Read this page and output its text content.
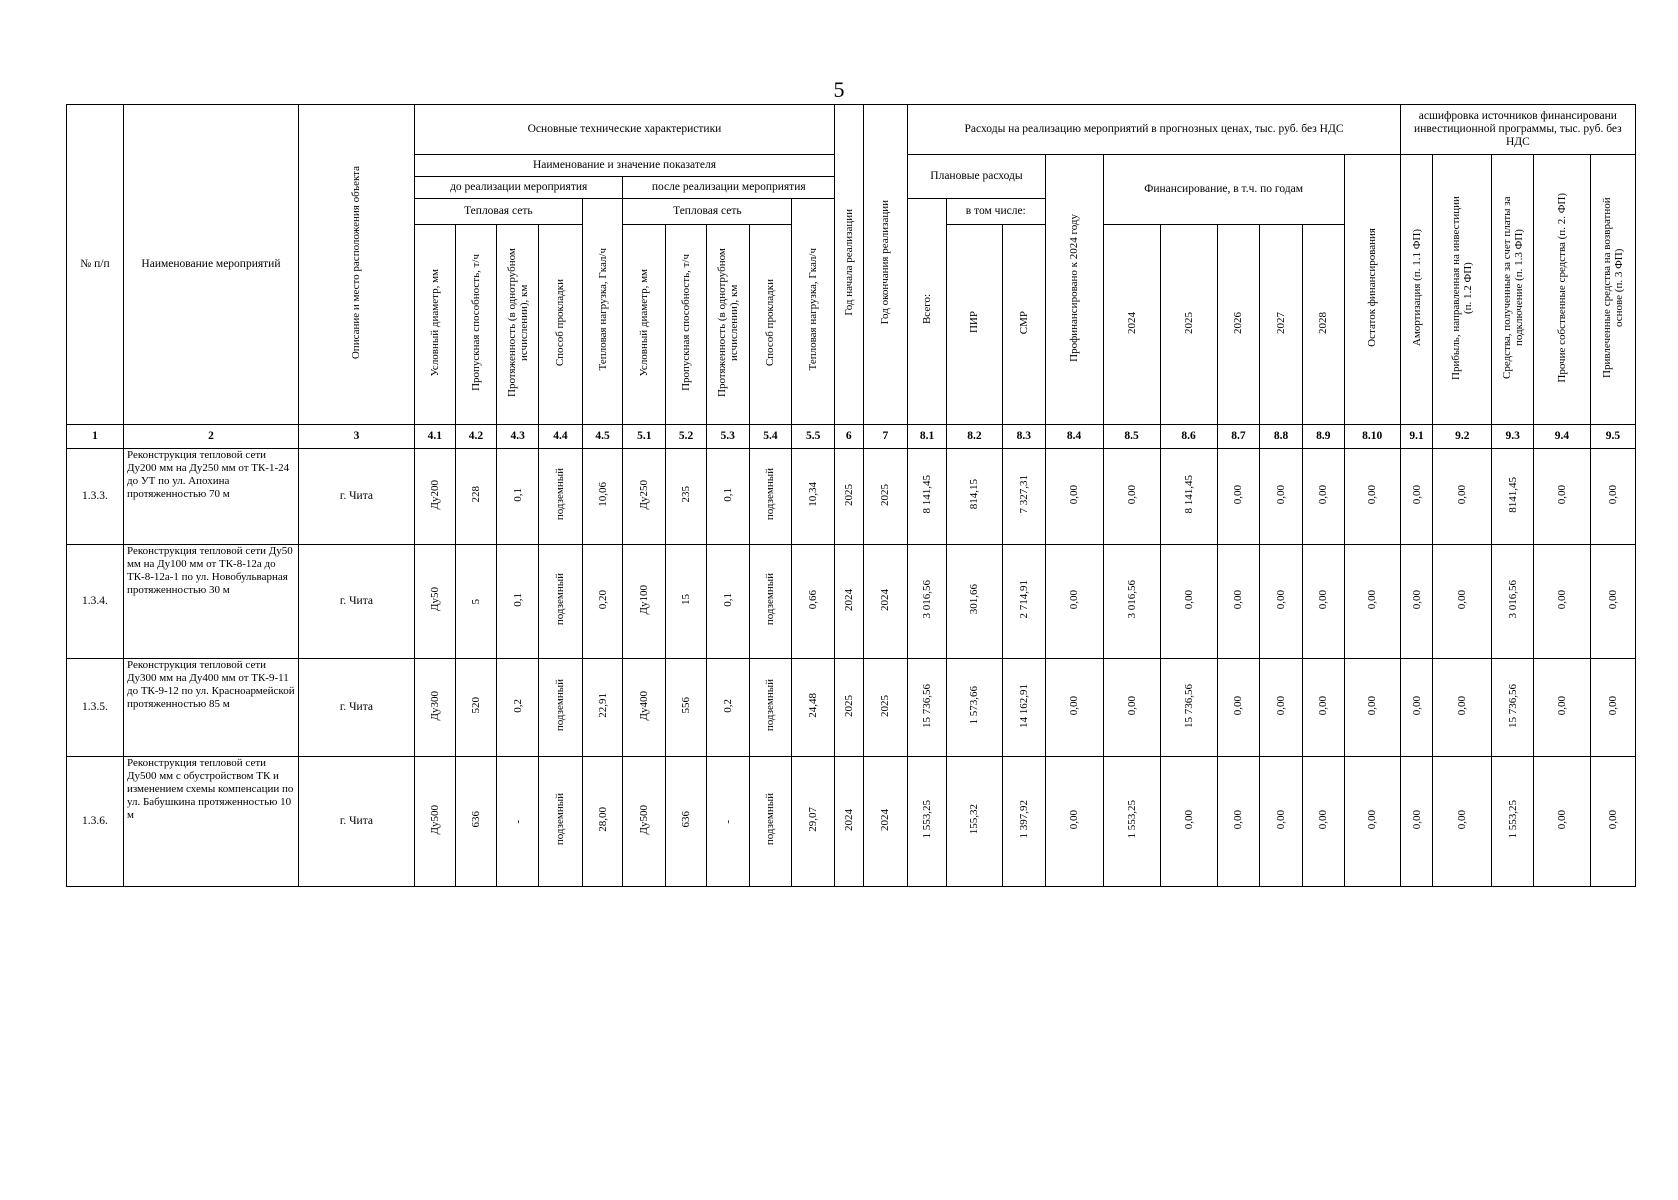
5
№ п/п	Наименование мероприятий	Описание и место расположения объекта	Основные технические характеристики										Год начала реализации	Год окончания реализации	Расходы на реализацию мероприятий в прогнозных ценах, тыс. руб. без НДС										асшифровка источников финансировани инвестиционной программы, тыс. руб. без НДС				
			Наименование и значение показателя												Плановые расходы			Профинансировано к 2024 году	Финансирование, в т.ч. по годам					Остаток финансирования	Амортизация (п. 1.1 ФП)	Прибыль, направленная на инвестиции (п. 1.2 ФП)	Средства, полученные за счет платы за подключение (п. 1.3 ФП)	Прочие собственные средства (п. 2. ФП)	Привлеченные средства на возвратной основе (п. 3 ФП)
			до реализации мероприятия					после реализации мероприятия																					
			Тепловая сеть				Тепловая нагрузка, Гкал/ч	Тепловая сеть				Тепловая нагрузка, Гкал/ч			Всего:	в том числе:													
			Условный диаметр, мм	Пропускная способность, т/ч	Протяженность (в однотрубном исчислении), км	Способ прокладки		Условный диаметр, мм	Пропускная способность, т/ч	Протяженность (в однотрубном исчислении), км	Способ прокладки					ПИР	СМР		2024	2025	2026	2027	2028						
1	2	3	4.1	4.2	4.3	4.4	4.5	5.1	5.2	5.3	5.4	5.5	6	7	8.1	8.2	8.3	8.4	8.5	8.6	8.7	8.8	8.9	8.10	9.1	9.2	9.3	9.4	9.5
1.3.3.	Реконструкция тепловой сети Ду200 мм на Ду250 мм от ТК-1-24 до УТ по ул. Апохина протяженностью 70 м	г. Чита	Ду200	228	0,1	подземный	10,06	Ду250	235	0,1	подземный	10,34	2025	2025	8 141,45	814,15	7 327,31	0,00	0,00	8 141,45	0,00	0,00	0,00	0,00	0,00	0,00	8141,45	0,00	0,00
1.3.4.	Реконструкция тепловой сети Ду50 мм на Ду100 мм от ТК-8-12а до ТК-8-12а-1 по ул. Новобульварная протяженностью 30 м	г. Чита	Ду50	5	0,1	подземный	0,20	Ду100	15	0,1	подземный	0,66	2024	2024	3 016,56	301,66	2 714,91	0,00	3 016,56	0,00	0,00	0,00	0,00	0,00	0,00	0,00	3 016,56	0,00	0,00
1.3.5.	Реконструкция тепловой сети Ду300 мм на Ду400 мм от ТК-9-11 до ТК-9-12 по ул. Красноармейской протяженностью 85 м	г. Чита	Ду300	520	0,2	подземный	22,91	Ду400	556	0,2	подземный	24,48	2025	2025	15 736,56	1 573,66	14 162,91	0,00	0,00	15 736,56	0,00	0,00	0,00	0,00	0,00	0,00	15 736,56	0,00	0,00
1.3.6.	Реконструкция тепловой сети Ду500 мм с обустройством ТК и изменением схемы компенсации по ул. Бабушкина протяженностью 10 м	г. Чита	Ду500	636	-	подземный	28,00	Ду500	636	-	подземный	29,07	2024	2024	1 553,25	155,32	1 397,92	0,00	1 553,25	0,00	0,00	0,00	0,00	0,00	0,00	0,00	1 553,25	0,00	0,00
